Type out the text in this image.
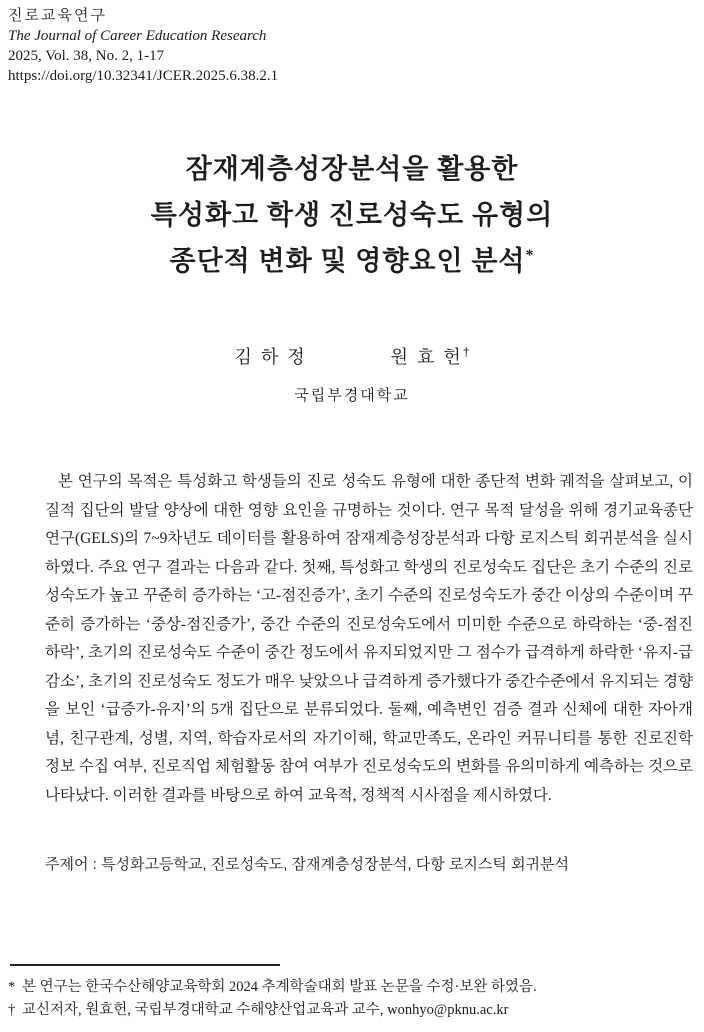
진로교육연구
The Journal of Career Education Research
2025, Vol. 38, No. 2, 1-17
https://doi.org/10.32341/JCER.2025.6.38.2.1
잠재계층성장분석을 활용한
특성화고 학생 진로성숙도 유형의
종단적 변화 및 영향요인 분석*
김 하 정	원 효 헌†
국립부경대학교
본 연구의 목적은 특성화고 학생들의 진로 성숙도 유형에 대한 종단적 변화 궤적을 살펴보고, 이질적 집단의 발달 양상에 대한 영향 요인을 규명하는 것이다. 연구 목적 달성을 위해 경기교육종단연구(GELS)의 7~9차년도 데이터를 활용하여 잠재계층성장분석과 다항 로지스틱 회귀분석을 실시하였다. 주요 연구 결과는 다음과 같다. 첫째, 특성화고 학생의 진로성숙도 집단은 초기 수준의 진로성숙도가 높고 꾸준히 증가하는 ‘고-점진증가’, 초기 수준의 진로성숙도가 중간 이상의 수준이며 꾸준히 증가하는 ‘중상-점진증가’, 중간 수준의 진로성숙도에서 미미한 수준으로 하락하는 ‘중-점진하락’, 초기의 진로성숙도 수준이 중간 정도에서 유지되었지만 그 점수가 급격하게 하락한 ‘유지-급감소’, 초기의 진로성숙도 정도가 매우 낮았으나 급격하게 증가했다가 중간수준에서 유지되는 경향을 보인 ‘급증가-유지’의 5개 집단으로 분류되었다. 둘째, 예측변인 검증 결과 신체에 대한 자아개념, 친구관계, 성별, 지역, 학습자로서의 자기이해, 학교만족도, 온라인 커뮤니티를 통한 진로진학 정보 수집 여부, 진로직업 체험활동 참여 여부가 진로성숙도의 변화를 유의미하게 예측하는 것으로 나타났다. 이러한 결과를 바탕으로 하여 교육적, 정책적 시사점을 제시하였다.
주제어 : 특성화고등학교, 진로성숙도, 잠재계층성장분석, 다항 로지스틱 회귀분석
* 본 연구는 한국수산해양교육학회 2024 추계학술대회 발표 논문을 수정·보완 하였음.
† 교신저자, 원효헌, 국립부경대학교 수해양산업교육과 교수, wonhyo@pknu.ac.kr
